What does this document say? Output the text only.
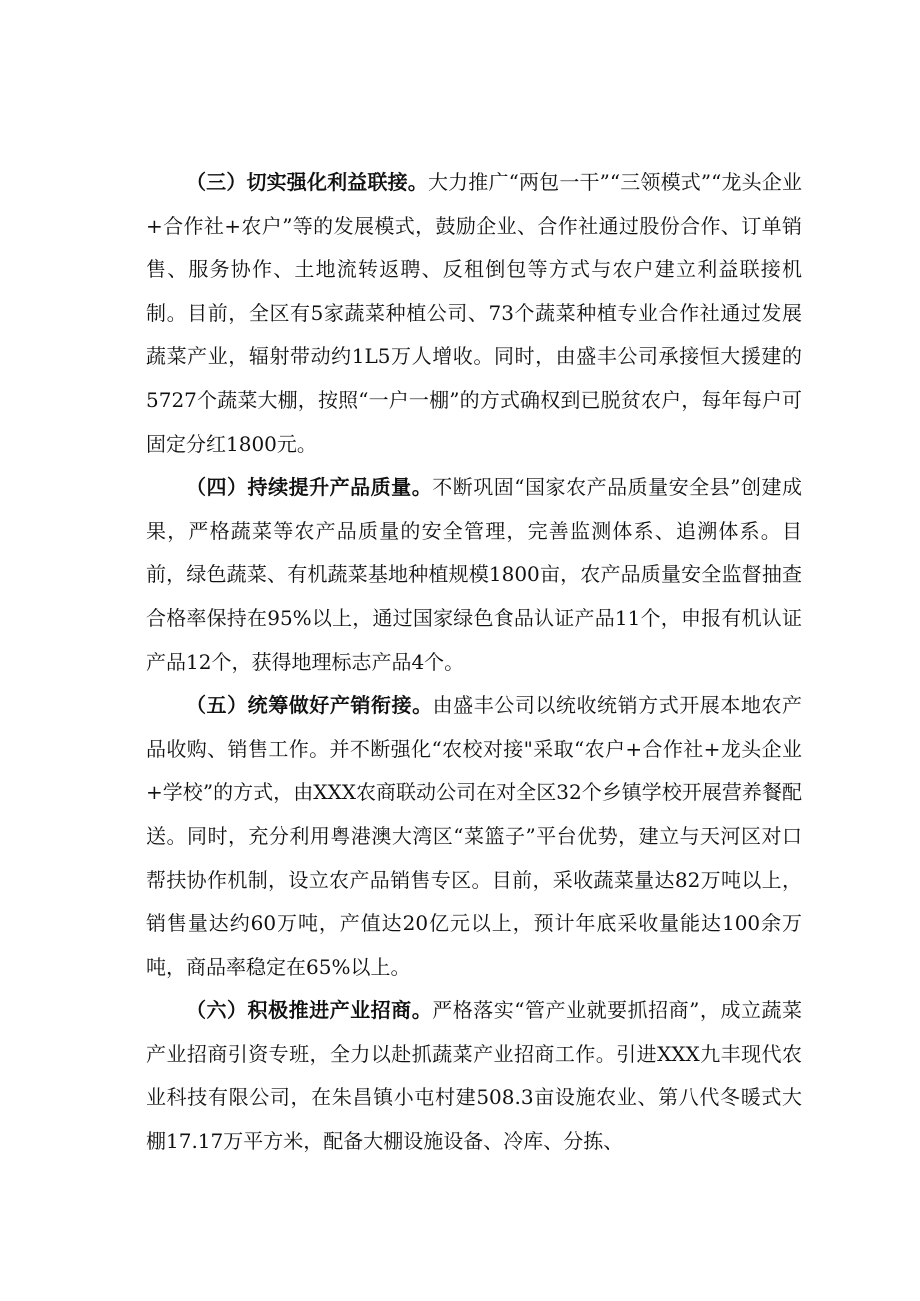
（三）切实强化利益联接。大力推广“两包一干”“三领模式”“龙头企业+合作社+农户”等的发展模式，鼓励企业、合作社通过股份合作、订单销售、服务协作、土地流转返聘、反租倒包等方式与农户建立利益联接机制。目前，全区有5家蔬菜种植公司、73个蔬菜种植专业合作社通过发展蔬菜产业，辐射带动约1L5万人增收。同时，由盛丰公司承接恒大援建的5727个蔬菜大棚，按照“一户一棚”的方式确权到已脱贫农户，每年每户可固定分红1800元。

（四）持续提升产品质量。不断巩固“国家农产品质量安全县”创建成果，严格蔬菜等农产品质量的安全管理，完善监测体系、追溯体系。目前，绿色蔬菜、有机蔬菜基地种植规模1800亩，农产品质量安全监督抽查合格率保持在95%以上，通过国家绿色食品认证产品11个，申报有机认证产品12个，获得地理标志产品4个。

（五）统筹做好产销衔接。由盛丰公司以统收统销方式开展本地农产品收购、销售工作。并不断强化“农校对接"采取“农户+合作社+龙头企业+学校”的方式，由XXX农商联动公司在对全区32个乡镇学校开展营养餐配送。同时，充分利用粤港澳大湾区“菜篮子”平台优势，建立与天河区对口帮扶协作机制，设立农产品销售专区。目前，采收蔬菜量达82万吨以上，销售量达约60万吨，产值达20亿元以上，预计年底采收量能达100余万吨，商品率稳定在65%以上。

（六）积极推进产业招商。严格落实“管产业就要抓招商”，成立蔬菜产业招商引资专班，全力以赴抓蔬菜产业招商工作。引进XXX九丰现代农业科技有限公司，在朱昌镇小屯村建508.3亩设施农业、第八代冬暖式大棚17.17万平方米，配备大棚设施设备、冷库、分拣、
